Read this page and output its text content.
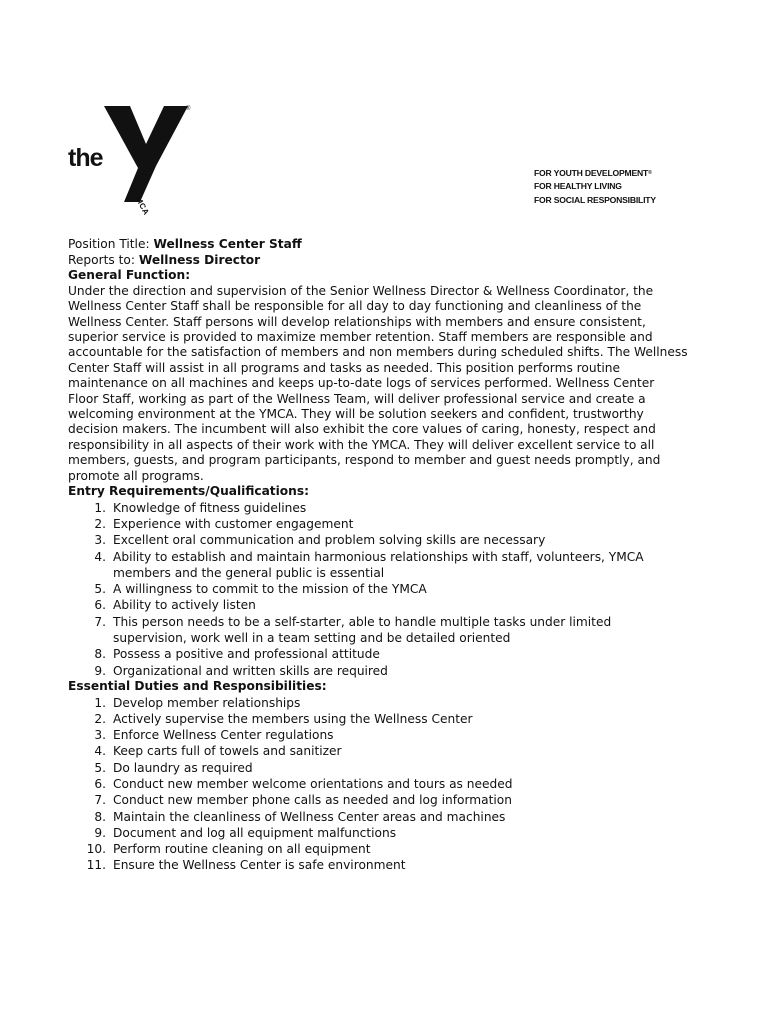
the
®
YMCA
FOR YOUTH DEVELOPMENT®
FOR HEALTHY LIVING
FOR SOCIAL RESPONSIBILITY

Position Title: Wellness Center Staff

Reports to: Wellness Director

General Function:

Under the direction and supervision of the Senior Wellness Director & Wellness Coordinator, the Wellness Center Staff shall be responsible for all day to day functioning and cleanliness of the Wellness Center. Staff persons will develop relationships with members and ensure consistent, superior service is provided to maximize member retention. Staff members are responsible and accountable for the satisfaction of members and non members during scheduled shifts. The Wellness Center Staff will assist in all programs and tasks as needed. This position performs routine maintenance on all machines and keeps up-to-date logs of services performed. Wellness Center Floor Staff, working as part of the Wellness Team, will deliver professional service and create a welcoming environment at the YMCA. They will be solution seekers and confident, trustworthy decision makers. The incumbent will also exhibit the core values of caring, honesty, respect and responsibility in all aspects of their work with the YMCA. They will deliver excellent service to all members, guests, and program participants, respond to member and guest needs promptly, and promote all programs.

Entry Requirements/Qualifications:

1. Knowledge of fitness guidelines
2. Experience with customer engagement
3. Excellent oral communication and problem solving skills are necessary
4. Ability to establish and maintain harmonious relationships with staff, volunteers, YMCA members and the general public is essential
5. A willingness to commit to the mission of the YMCA
6. Ability to actively listen
7. This person needs to be a self-starter, able to handle multiple tasks under limited supervision, work well in a team setting and be detailed oriented
8. Possess a positive and professional attitude
9. Organizational and written skills are required

Essential Duties and Responsibilities:

1. Develop member relationships
2. Actively supervise the members using the Wellness Center
3. Enforce Wellness Center regulations
4. Keep carts full of towels and sanitizer
5. Do laundry as required
6. Conduct new member welcome orientations and tours as needed
7. Conduct new member phone calls as needed and log information
8. Maintain the cleanliness of Wellness Center areas and machines
9. Document and log all equipment malfunctions
10. Perform routine cleaning on all equipment
11. Ensure the Wellness Center is safe environment
